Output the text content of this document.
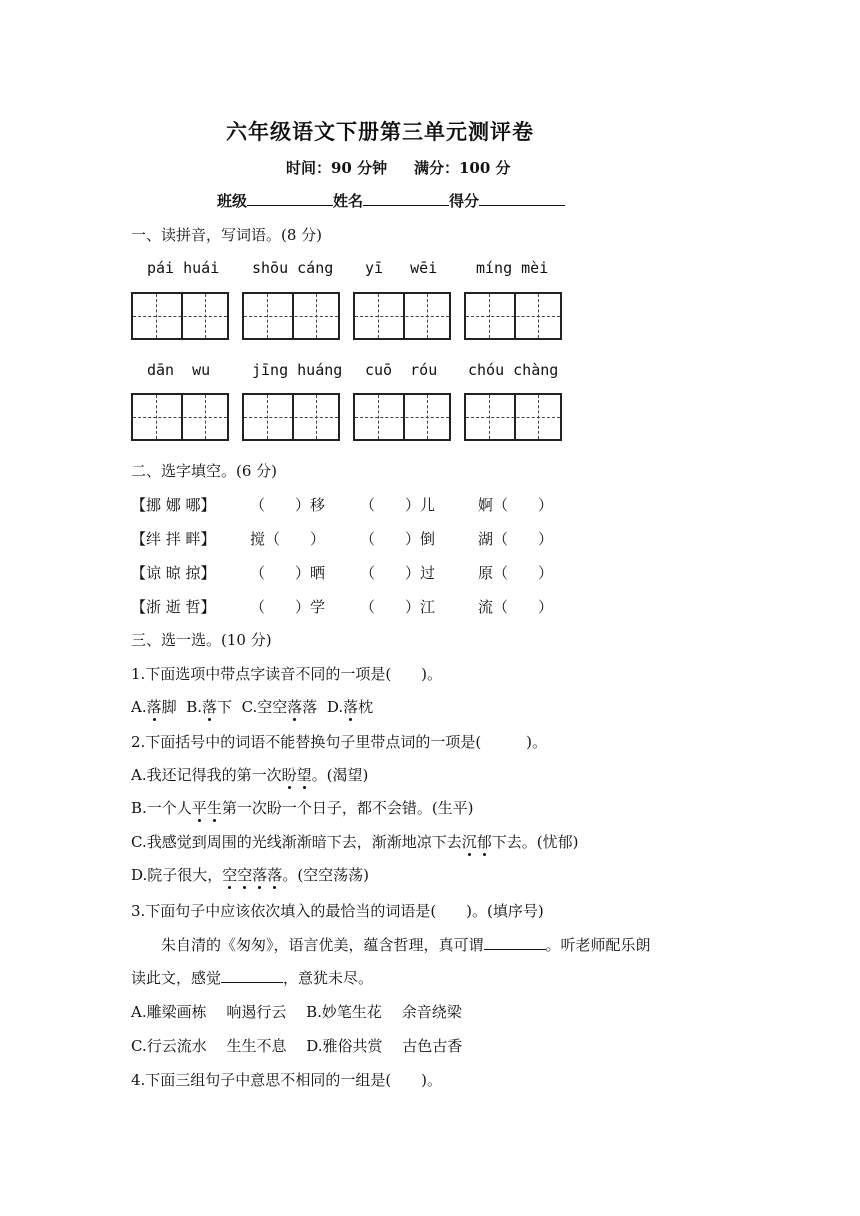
六年级语文下册第三单元测评卷
时间：90 分钟 满分：100 分
班级	姓名	得分
一、读拼音，写词语。(8 分)
pái huái shōu cáng yī   wēi	míng mèi
dān  wu	jīng huáng cuō  róu chóu chàng
二、选字填空。(6 分)
【挪 娜 哪】 （　　）移 （　　）儿	婀（　　）
【绊 拌 畔】 搅（　　） （　　）倒	湖（　　）
【谅 晾 掠】 （　　）晒 （　　）过	原（　　）
【浙 逝 哲】 （　　）学 （　　）江	流（　　）
三、选一选。(10 分)
1.下面选项中带点字读音不同的一项是(　　)。
A.落脚 B.落下 C.空空落落 D.落枕
2.下面括号中的词语不能替换句子里带点词的一项是(　　　)。
A.我还记得我的第一次盼望。(渴望)
B.一个人平生第一次盼一个日子，都不会错。(生平)
C.我感觉到周围的光线渐渐暗下去，渐渐地凉下去沉郁下去。(忧郁)
D.院子很大，空空落落。(空空荡荡)
3.下面句子中应该依次填入的最恰当的词语是(　　)。(填序号)
朱自清的《匆匆》，语言优美，蕴含哲理，真可谓	。听老师配乐朗
读此文，感觉	，意犹未尽。
A.雕梁画栋　 响遏行云　 B.妙笔生花　 余音绕梁
C.行云流水　 生生不息　 D.雅俗共赏　 古色古香
4.下面三组句子中意思不相同的一组是(　　)。
